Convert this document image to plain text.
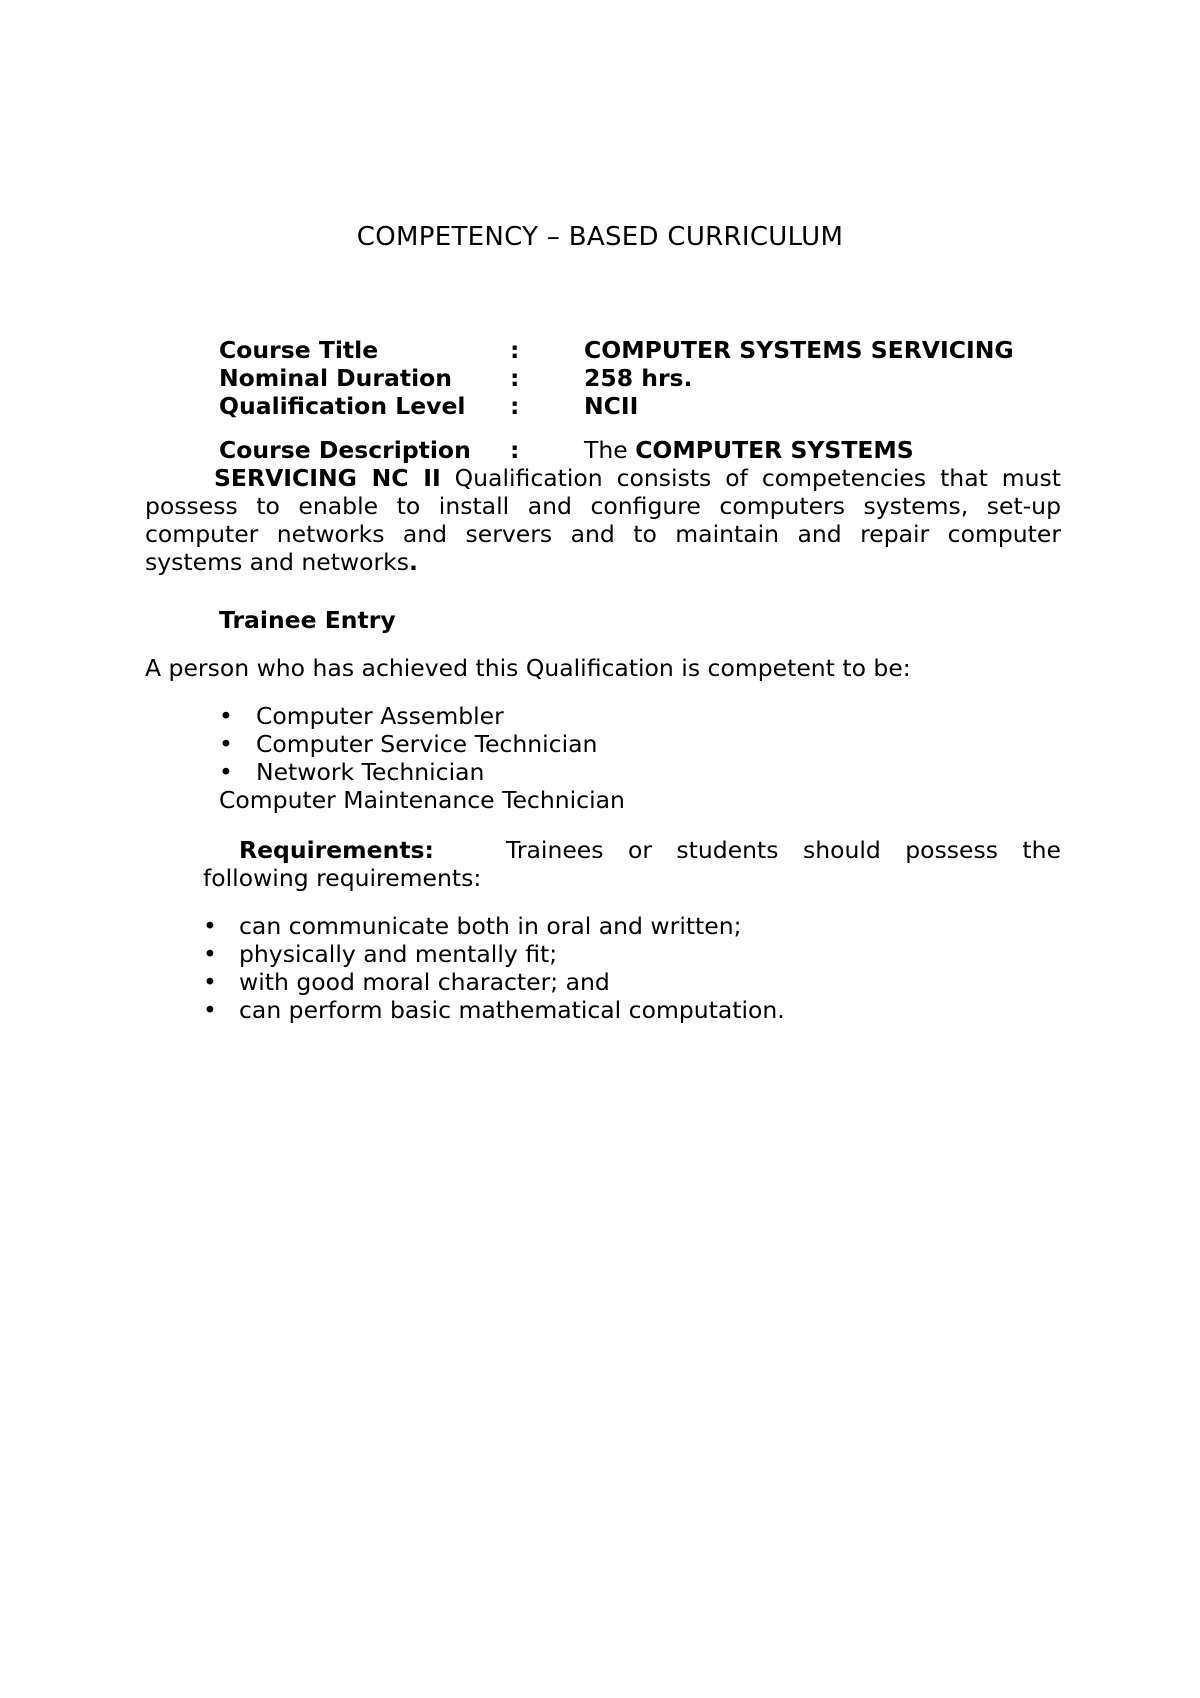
COMPETENCY – BASED CURRICULUM
Course Title	:	COMPUTER SYSTEMS SERVICING
Nominal Duration :	258 hrs.
Qualification Level :	NCII
Course Description :	The COMPUTER SYSTEMS
SERVICING NC II Qualification consists of competencies that must possess to enable to install and configure computers systems, set-up computer networks and servers and to maintain and repair computer systems and networks.
Trainee Entry
A person who has achieved this Qualification is competent to be:
• Computer Assembler
• Computer Service Technician
• Network Technician
Computer Maintenance Technician
Requirements:	Trainees or students should possess the following requirements:
• can communicate both in oral and written;
• physically and mentally fit;
• with good moral character; and
• can perform basic mathematical computation.
